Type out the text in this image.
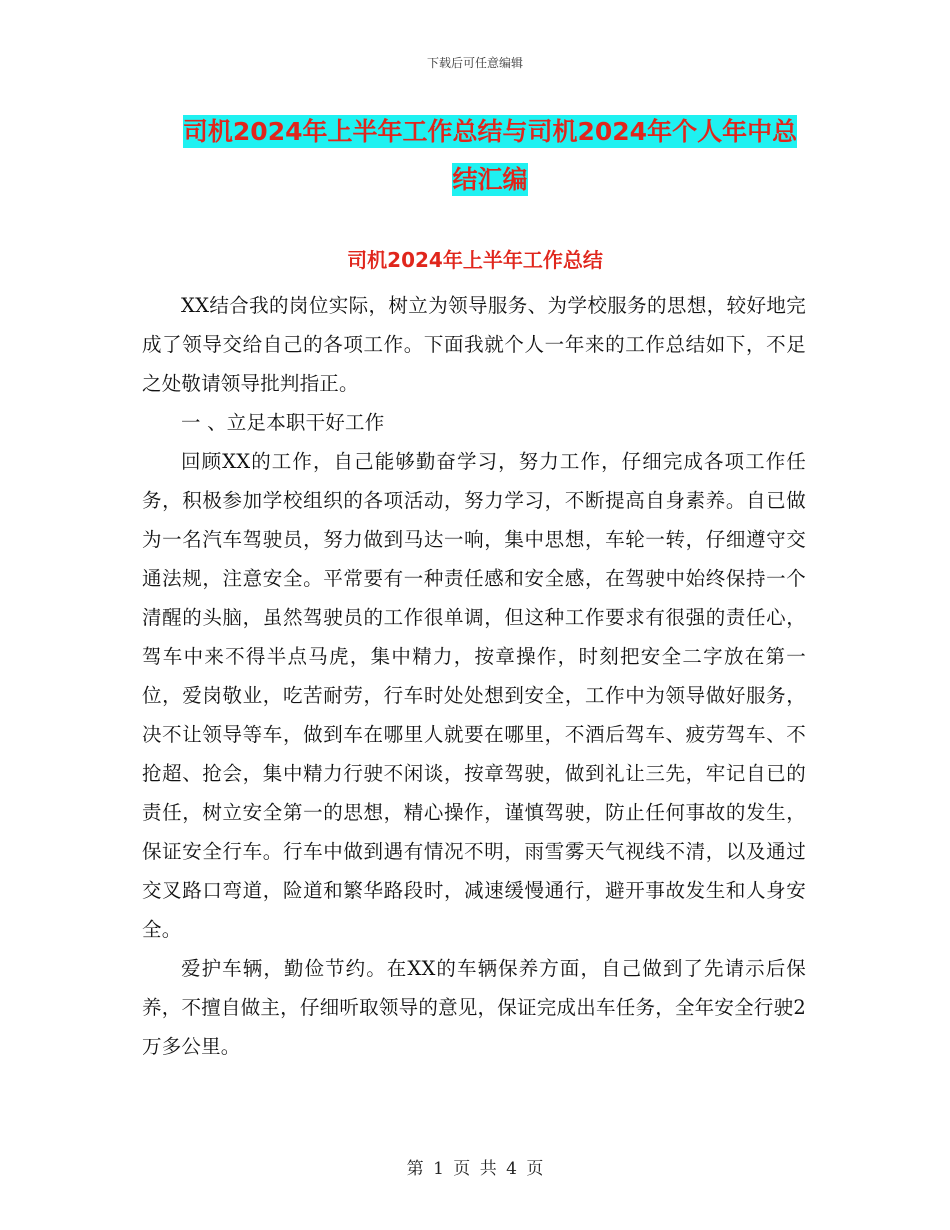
下载后可任意编辑
司机2024年上半年工作总结与司机2024年个人年中总结汇编
司机2024年上半年工作总结

XX结合我的岗位实际，树立为领导服务、为学校服务的思想，较好地完成了领导交给自己的各项工作。下面我就个人一年来的工作总结如下，不足之处敬请领导批判指正。

一 、立足本职干好工作

回顾XX的工作，自己能够勤奋学习，努力工作，仔细完成各项工作任务，积极参加学校组织的各项活动，努力学习，不断提高自身素养。自已做为一名汽车驾驶员，努力做到马达一响，集中思想，车轮一转，仔细遵守交通法规，注意安全。平常要有一种责任感和安全感，在驾驶中始终保持一个清醒的头脑，虽然驾驶员的工作很单调，但这种工作要求有很强的责任心，驾车中来不得半点马虎，集中精力，按章操作，时刻把安全二字放在第一位，爱岗敬业，吃苦耐劳，行车时处处想到安全，工作中为领导做好服务，决不让领导等车，做到车在哪里人就要在哪里，不酒后驾车、疲劳驾车、不抢超、抢会，集中精力行驶不闲谈，按章驾驶，做到礼让三先，牢记自已的责任，树立安全第一的思想，精心操作，谨慎驾驶，防止任何事故的发生，保证安全行车。行车中做到遇有情况不明，雨雪雾天气视线不清，以及通过交叉路口弯道，险道和繁华路段时，减速缓慢通行，避开事故发生和人身安全。

爱护车辆，勤俭节约。在XX的车辆保养方面，自己做到了先请示后保养，不擅自做主，仔细听取领导的意见，保证完成出车任务，全年安全行驶2万多公里。

第 1 页 共 4 页
